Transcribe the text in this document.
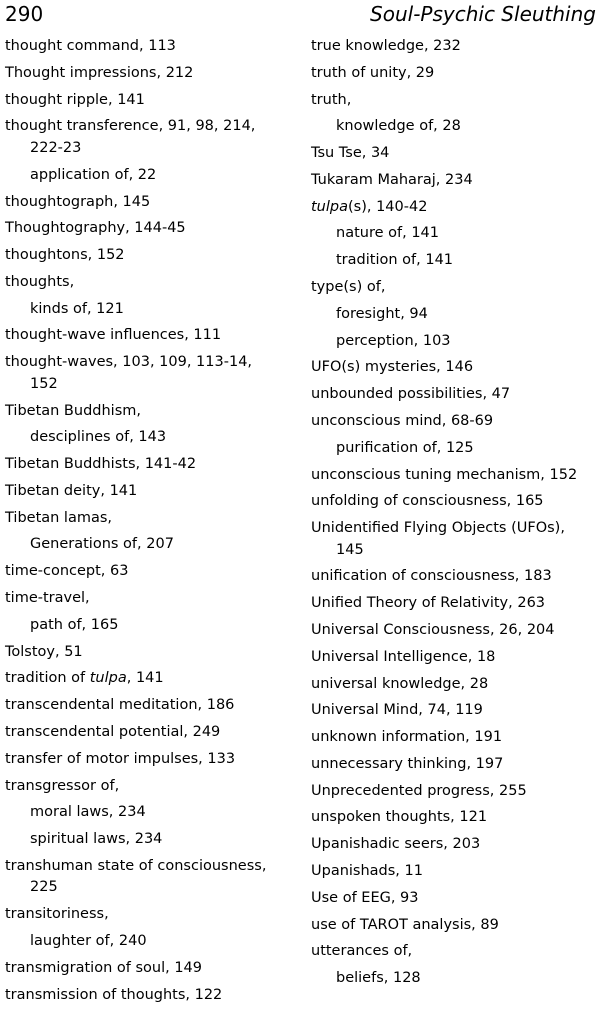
290	Soul-Psychic Sleuthing
thought command, 113
Thought impressions, 212
thought ripple, 141
thought transference, 91, 98, 214,
222-23
application of, 22
thoughtograph, 145
Thoughtography, 144-45
thoughtons, 152
thoughts,
kinds of, 121
thought-wave influences, 111
thought-waves, 103, 109, 113-14,
152
Tibetan Buddhism,
desciplines of, 143
Tibetan Buddhists, 141-42
Tibetan deity, 141
Tibetan lamas,
Generations of, 207
time-concept, 63
time-travel,
path of, 165
Tolstoy, 51
tradition of tulpa, 141
transcendental meditation, 186
transcendental potential, 249
transfer of motor impulses, 133
transgressor of,
moral laws, 234
spiritual laws, 234
transhuman state of consciousness,
225
transitoriness,
laughter of, 240
transmigration of soul, 149
transmission of thoughts, 122
true knowledge, 232
truth of unity, 29
truth,
knowledge of, 28
Tsu Tse, 34
Tukaram Maharaj, 234
tulpa(s), 140-42
nature of, 141
tradition of, 141
type(s) of,
foresight, 94
perception, 103
UFO(s) mysteries, 146
unbounded possibilities, 47
unconscious mind, 68-69
purification of, 125
unconscious tuning mechanism, 152
unfolding of consciousness, 165
Unidentified Flying Objects (UFOs),
145
unification of consciousness, 183
Unified Theory of Relativity, 263
Universal Consciousness, 26, 204
Universal Intelligence, 18
universal knowledge, 28
Universal Mind, 74, 119
unknown information, 191
unnecessary thinking, 197
Unprecedented progress, 255
unspoken thoughts, 121
Upanishadic seers, 203
Upanishads, 11
Use of EEG, 93
use of TAROT analysis, 89
utterances of,
beliefs, 128
